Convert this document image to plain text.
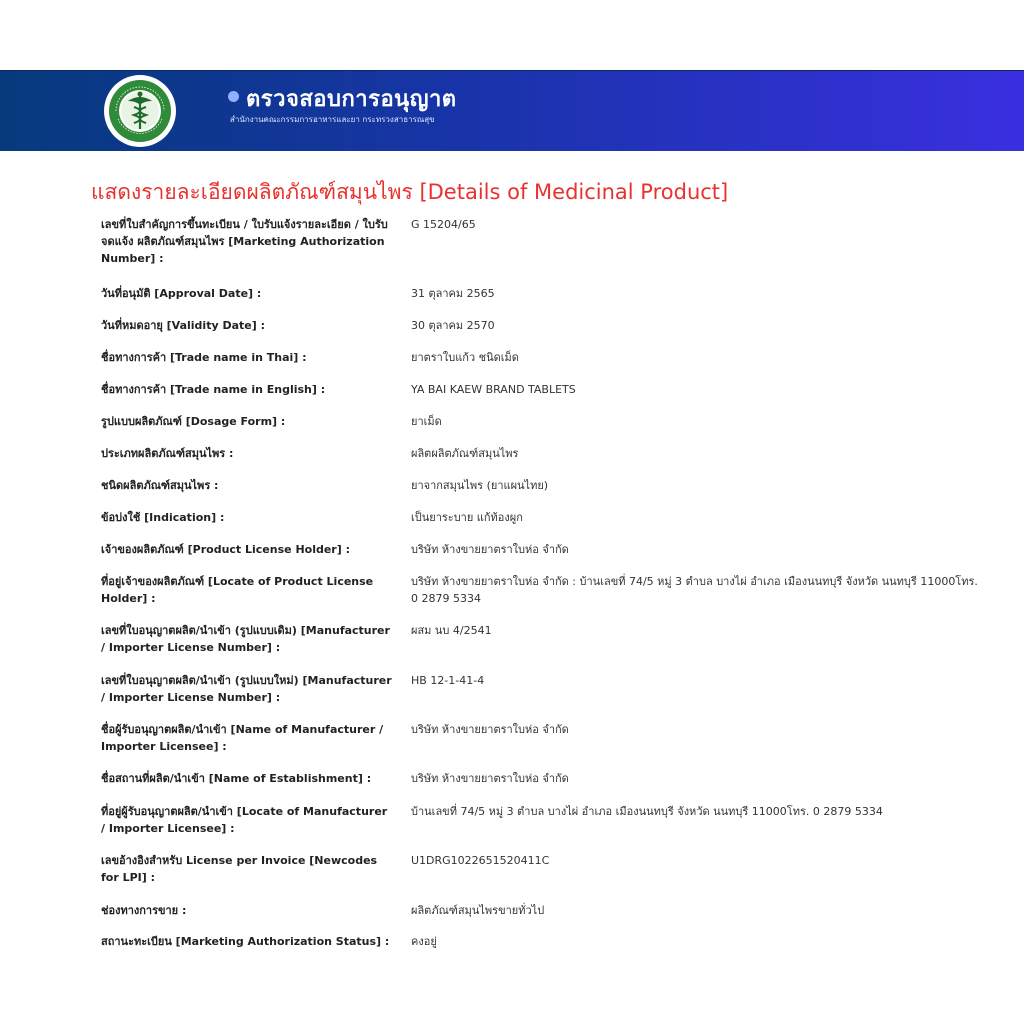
ตรวจสอบการอนุญาต
สำนักงานคณะกรรมการอาหารและยา กระทรวงสาธารณสุข
แสดงรายละเอียดผลิตภัณฑ์สมุนไพร [Details of Medicinal Product]
เลขที่ใบสำคัญการขึ้นทะเบียน / ใบรับแจ้งรายละเอียด / ใบรับจดแจ้ง ผลิตภัณฑ์สมุนไพร [Marketing Authorization Number] :
G 15204/65
วันที่อนุมัติ [Approval Date] :	31 ตุลาคม 2565
วันที่หมดอายุ [Validity Date] :	30 ตุลาคม 2570
ชื่อทางการค้า [Trade name in Thai] :	ยาตราใบแก้ว ชนิดเม็ด
ชื่อทางการค้า [Trade name in English] :	YA BAI KAEW BRAND TABLETS
รูปแบบผลิตภัณฑ์ [Dosage Form] :	ยาเม็ด
ประเภทผลิตภัณฑ์สมุนไพร :	ผลิตผลิตภัณฑ์สมุนไพร
ชนิดผลิตภัณฑ์สมุนไพร :	ยาจากสมุนไพร (ยาแผนไทย)
ข้อบ่งใช้ [Indication] :	เป็นยาระบาย แก้ท้องผูก
เจ้าของผลิตภัณฑ์ [Product License Holder] :	บริษัท ห้างขายยาตราใบห่อ จำกัด
ที่อยู่เจ้าของผลิตภัณฑ์ [Locate of Product License Holder] :
บริษัท ห้างขายยาตราใบห่อ จำกัด : บ้านเลขที่ 74/5 หมู่ 3 ตำบล บางไผ่ อำเภอ เมืองนนทบุรี จังหวัด นนทบุรี 11000โทร. 0 2879 5334
เลขที่ใบอนุญาตผลิต/นำเข้า (รูปแบบเดิม) [Manufacturer / Importer License Number] :
ผสม นบ 4/2541
เลขที่ใบอนุญาตผลิต/นำเข้า (รูปแบบใหม่) [Manufacturer / Importer License Number] :
HB 12-1-41-4
ชื่อผู้รับอนุญาตผลิต/นำเข้า [Name of Manufacturer / Importer Licensee] :
บริษัท ห้างขายยาตราใบห่อ จำกัด
ชื่อสถานที่ผลิต/นำเข้า [Name of Establishment] :	บริษัท ห้างขายยาตราใบห่อ จำกัด
ที่อยู่ผู้รับอนุญาตผลิต/นำเข้า [Locate of Manufacturer / Importer Licensee] :
บ้านเลขที่ 74/5 หมู่ 3 ตำบล บางไผ่ อำเภอ เมืองนนทบุรี จังหวัด นนทบุรี 11000โทร. 0 2879 5334
เลขอ้างอิงสำหรับ License per Invoice [Newcodes for LPI] :
U1DRG1022651520411C
ช่องทางการขาย :	ผลิตภัณฑ์สมุนไพรขายทั่วไป
สถานะทะเบียน [Marketing Authorization Status] :	คงอยู่
